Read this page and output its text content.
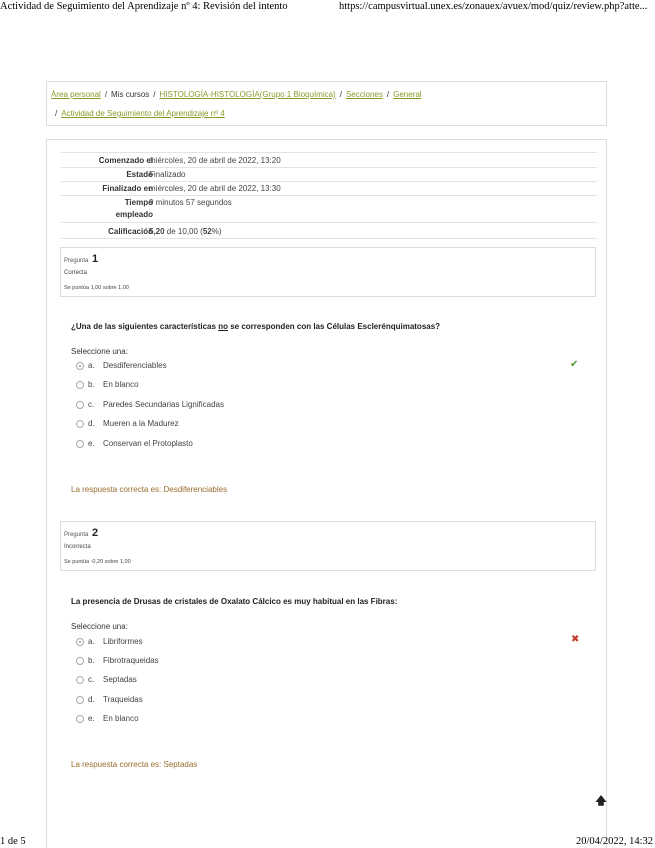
Actividad de Seguimiento del Aprendizaje nº 4: Revisión del intento	https://campusvirtual.unex.es/zonauex/avuex/mod/quiz/review.php?atte...
Área personal / Mis cursos / HISTOLOGÍA-HISTOLOGÍA(Grupo 1 Bioquímica) / Secciones / General
/ Actividad de Seguimiento del Aprendizaje nº 4
Comenzado el
miércoles, 20 de abril de 2022, 13:20
Estado
Finalizado
Finalizado en
miércoles, 20 de abril de 2022, 13:30
Tiempo
empleado
9 minutos 57 segundos
Calificación
5,20 de 10,00 (52%)
Pregunta 1
Correcta
Se puntúa 1,00 sobre 1,00
¿Una de las siguientes características no se corresponden con las Células Esclerénquimatosas?
Seleccione una:
a. Desdiferenciables
b. En blanco
c. Paredes Secundarias Lignificadas
d. Mueren a la Madurez
e. Conservan el Protoplasto
✔
La respuesta correcta es: Desdiferenciables
Pregunta 2
Incorrecta
Se puntúa -0,20 sobre 1,00
La presencia de Drusas de cristales de Oxalato Cálcico es muy habitual en las Fibras:
Seleccione una:
a. Libriformes
b. Fibrotraqueidas
c. Septadas
d. Traqueidas
e. En blanco
✖
La respuesta correcta es: Septadas
🡅
1 de 5	20/04/2022, 14:32
